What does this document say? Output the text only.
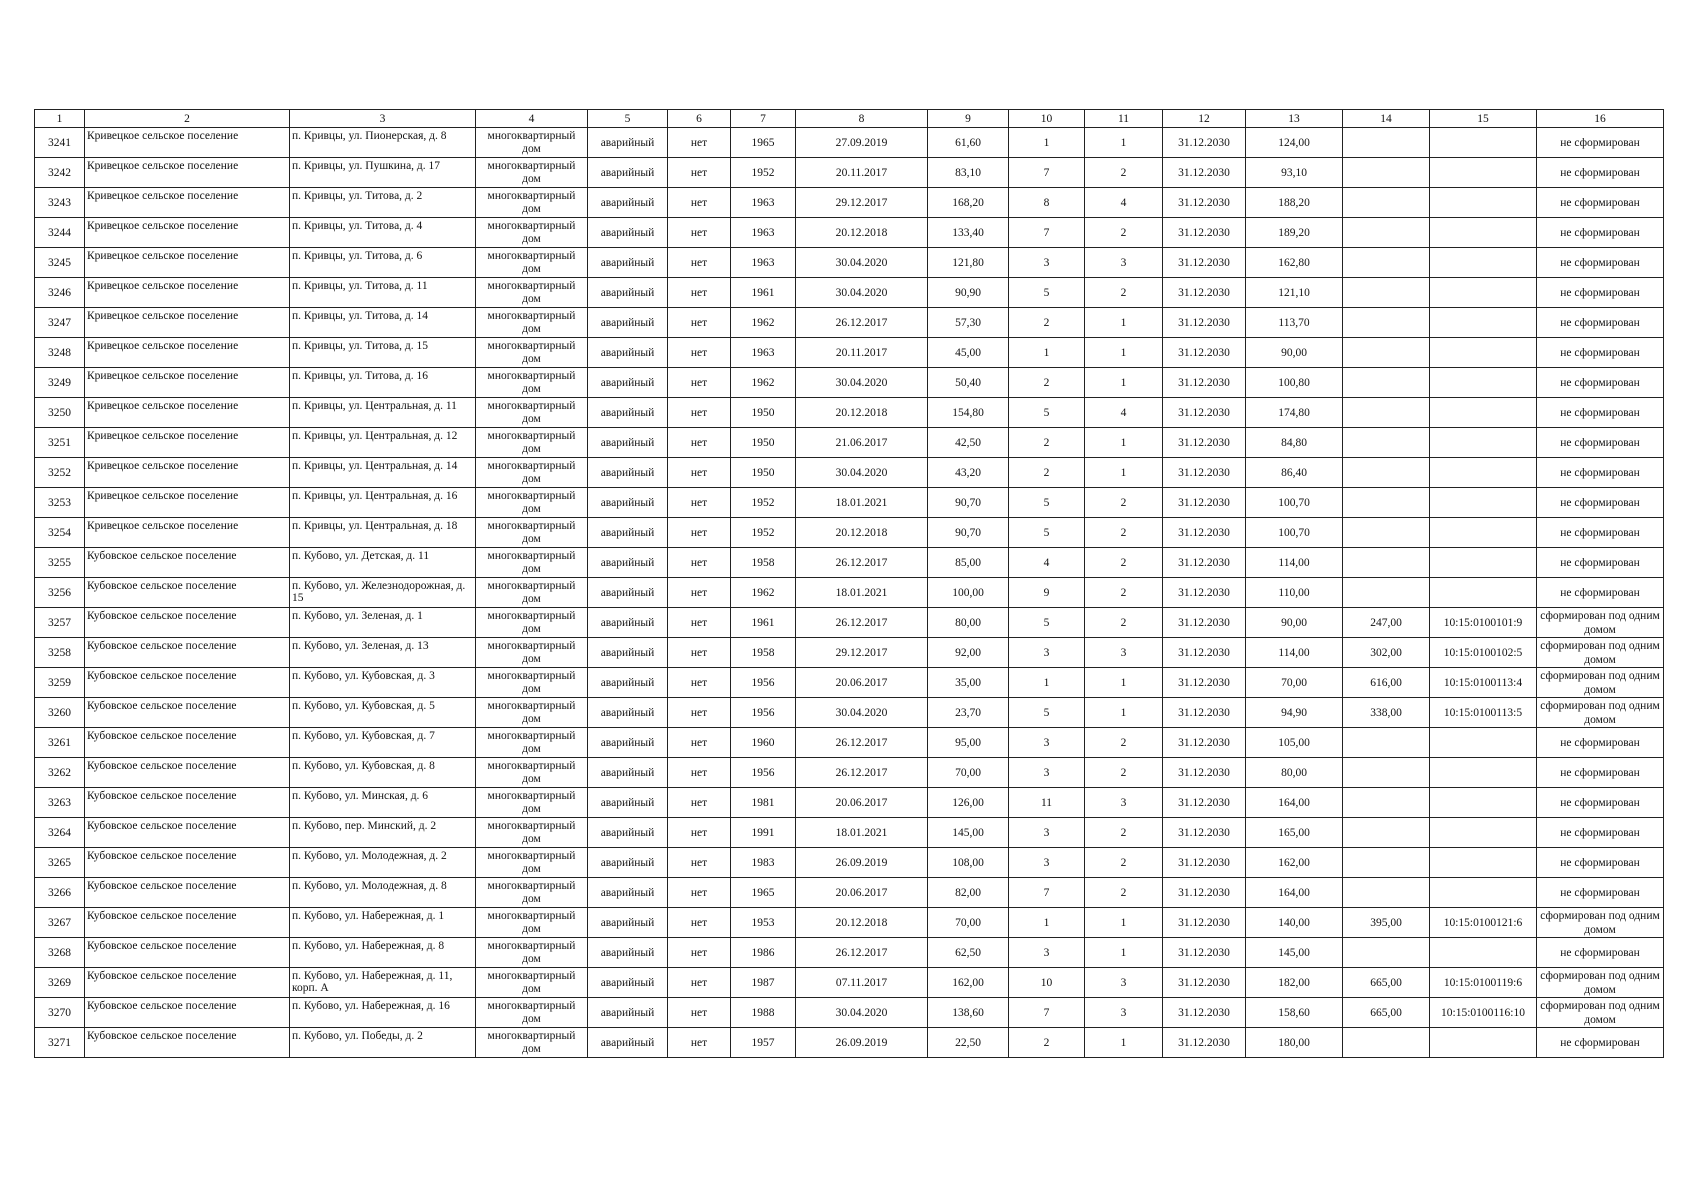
1	2	3	4	5	6	7	8	9	10	11	12	13	14	15	16
3241	Кривецкое сельское поселение	п. Кривцы, ул. Пионерская, д. 8	многоквартирный дом	аварийный	нет	1965	27.09.2019	61,60	1	1	31.12.2030	124,00			не сформирован
3242	Кривецкое сельское поселение	п. Кривцы, ул. Пушкина, д. 17	многоквартирный дом	аварийный	нет	1952	20.11.2017	83,10	7	2	31.12.2030	93,10			не сформирован
3243	Кривецкое сельское поселение	п. Кривцы, ул. Титова, д. 2	многоквартирный дом	аварийный	нет	1963	29.12.2017	168,20	8	4	31.12.2030	188,20			не сформирован
3244	Кривецкое сельское поселение	п. Кривцы, ул. Титова, д. 4	многоквартирный дом	аварийный	нет	1963	20.12.2018	133,40	7	2	31.12.2030	189,20			не сформирован
3245	Кривецкое сельское поселение	п. Кривцы, ул. Титова, д. 6	многоквартирный дом	аварийный	нет	1963	30.04.2020	121,80	3	3	31.12.2030	162,80			не сформирован
3246	Кривецкое сельское поселение	п. Кривцы, ул. Титова, д. 11	многоквартирный дом	аварийный	нет	1961	30.04.2020	90,90	5	2	31.12.2030	121,10			не сформирован
3247	Кривецкое сельское поселение	п. Кривцы, ул. Титова, д. 14	многоквартирный дом	аварийный	нет	1962	26.12.2017	57,30	2	1	31.12.2030	113,70			не сформирован
3248	Кривецкое сельское поселение	п. Кривцы, ул. Титова, д. 15	многоквартирный дом	аварийный	нет	1963	20.11.2017	45,00	1	1	31.12.2030	90,00			не сформирован
3249	Кривецкое сельское поселение	п. Кривцы, ул. Титова, д. 16	многоквартирный дом	аварийный	нет	1962	30.04.2020	50,40	2	1	31.12.2030	100,80			не сформирован
3250	Кривецкое сельское поселение	п. Кривцы, ул. Центральная, д. 11	многоквартирный дом	аварийный	нет	1950	20.12.2018	154,80	5	4	31.12.2030	174,80			не сформирован
3251	Кривецкое сельское поселение	п. Кривцы, ул. Центральная, д. 12	многоквартирный дом	аварийный	нет	1950	21.06.2017	42,50	2	1	31.12.2030	84,80			не сформирован
3252	Кривецкое сельское поселение	п. Кривцы, ул. Центральная, д. 14	многоквартирный дом	аварийный	нет	1950	30.04.2020	43,20	2	1	31.12.2030	86,40			не сформирован
3253	Кривецкое сельское поселение	п. Кривцы, ул. Центральная, д. 16	многоквартирный дом	аварийный	нет	1952	18.01.2021	90,70	5	2	31.12.2030	100,70			не сформирован
3254	Кривецкое сельское поселение	п. Кривцы, ул. Центральная, д. 18	многоквартирный дом	аварийный	нет	1952	20.12.2018	90,70	5	2	31.12.2030	100,70			не сформирован
3255	Кубовское сельское поселение	п. Кубово, ул. Детская, д. 11	многоквартирный дом	аварийный	нет	1958	26.12.2017	85,00	4	2	31.12.2030	114,00			не сформирован
3256	Кубовское сельское поселение	п. Кубово, ул. Железнодорожная, д. 15	многоквартирный дом	аварийный	нет	1962	18.01.2021	100,00	9	2	31.12.2030	110,00			не сформирован
3257	Кубовское сельское поселение	п. Кубово, ул. Зеленая, д. 1	многоквартирный дом	аварийный	нет	1961	26.12.2017	80,00	5	2	31.12.2030	90,00	247,00	10:15:0100101:9	сформирован под одним домом
3258	Кубовское сельское поселение	п. Кубово, ул. Зеленая, д. 13	многоквартирный дом	аварийный	нет	1958	29.12.2017	92,00	3	3	31.12.2030	114,00	302,00	10:15:0100102:5	сформирован под одним домом
3259	Кубовское сельское поселение	п. Кубово, ул. Кубовская, д. 3	многоквартирный дом	аварийный	нет	1956	20.06.2017	35,00	1	1	31.12.2030	70,00	616,00	10:15:0100113:4	сформирован под одним домом
3260	Кубовское сельское поселение	п. Кубово, ул. Кубовская, д. 5	многоквартирный дом	аварийный	нет	1956	30.04.2020	23,70	5	1	31.12.2030	94,90	338,00	10:15:0100113:5	сформирован под одним домом
3261	Кубовское сельское поселение	п. Кубово, ул. Кубовская, д. 7	многоквартирный дом	аварийный	нет	1960	26.12.2017	95,00	3	2	31.12.2030	105,00			не сформирован
3262	Кубовское сельское поселение	п. Кубово, ул. Кубовская, д. 8	многоквартирный дом	аварийный	нет	1956	26.12.2017	70,00	3	2	31.12.2030	80,00			не сформирован
3263	Кубовское сельское поселение	п. Кубово, ул. Минская, д. 6	многоквартирный дом	аварийный	нет	1981	20.06.2017	126,00	11	3	31.12.2030	164,00			не сформирован
3264	Кубовское сельское поселение	п. Кубово, пер. Минский, д. 2	многоквартирный дом	аварийный	нет	1991	18.01.2021	145,00	3	2	31.12.2030	165,00			не сформирован
3265	Кубовское сельское поселение	п. Кубово, ул. Молодежная, д. 2	многоквартирный дом	аварийный	нет	1983	26.09.2019	108,00	3	2	31.12.2030	162,00			не сформирован
3266	Кубовское сельское поселение	п. Кубово, ул. Молодежная, д. 8	многоквартирный дом	аварийный	нет	1965	20.06.2017	82,00	7	2	31.12.2030	164,00			не сформирован
3267	Кубовское сельское поселение	п. Кубово, ул. Набережная, д. 1	многоквартирный дом	аварийный	нет	1953	20.12.2018	70,00	1	1	31.12.2030	140,00	395,00	10:15:0100121:6	сформирован под одним домом
3268	Кубовское сельское поселение	п. Кубово, ул. Набережная, д. 8	многоквартирный дом	аварийный	нет	1986	26.12.2017	62,50	3	1	31.12.2030	145,00			не сформирован
3269	Кубовское сельское поселение	п. Кубово, ул. Набережная, д. 11, корп. А	многоквартирный дом	аварийный	нет	1987	07.11.2017	162,00	10	3	31.12.2030	182,00	665,00	10:15:0100119:6	сформирован под одним домом
3270	Кубовское сельское поселение	п. Кубово, ул. Набережная, д. 16	многоквартирный дом	аварийный	нет	1988	30.04.2020	138,60	7	3	31.12.2030	158,60	665,00	10:15:0100116:10	сформирован под одним домом
3271	Кубовское сельское поселение	п. Кубово, ул. Победы, д. 2	многоквартирный дом	аварийный	нет	1957	26.09.2019	22,50	2	1	31.12.2030	180,00			не сформирован
